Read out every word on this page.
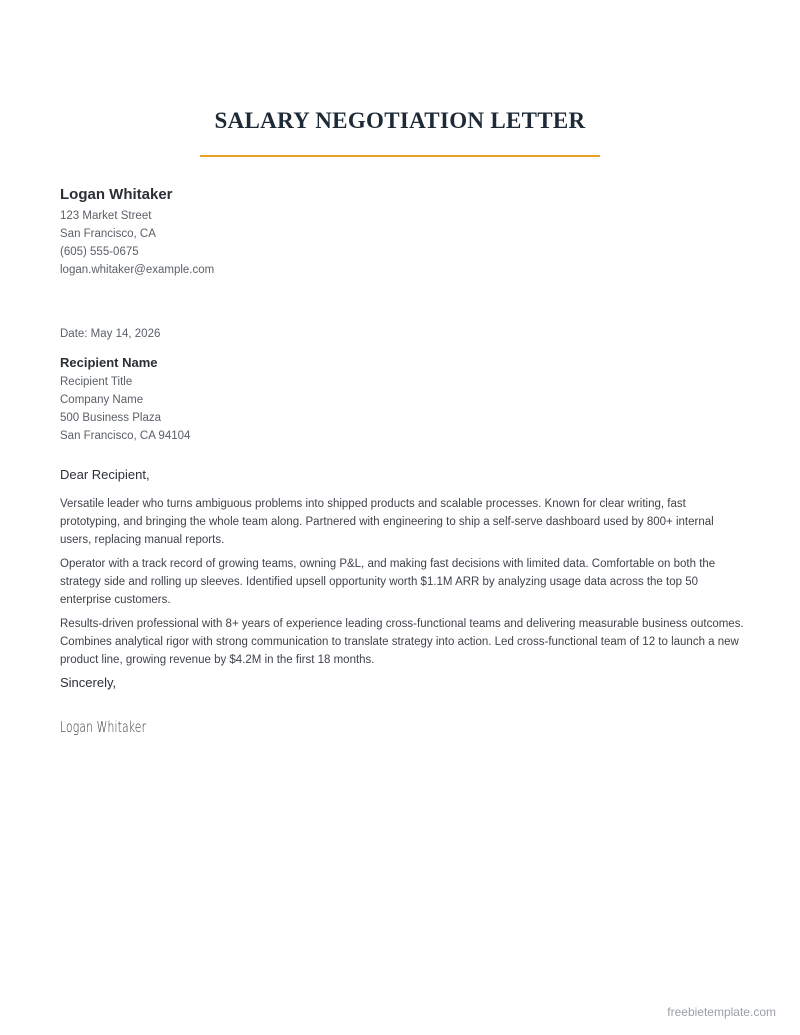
SALARY NEGOTIATION LETTER
Logan Whitaker
123 Market Street
San Francisco, CA
(605) 555-0675
logan.whitaker@example.com
Date: May 14, 2026
Recipient Name
Recipient Title
Company Name
500 Business Plaza
San Francisco, CA 94104
Dear Recipient,

Versatile leader who turns ambiguous problems into shipped products and scalable processes. Known for clear writing, fast prototyping, and bringing the whole team along. Partnered with engineering to ship a self-serve dashboard used by 800+ internal users, replacing manual reports.

Operator with a track record of growing teams, owning P&L, and making fast decisions with limited data. Comfortable on both the strategy side and rolling up sleeves. Identified upsell opportunity worth $1.1M ARR by analyzing usage data across the top 50 enterprise customers.

Results-driven professional with 8+ years of experience leading cross-functional teams and delivering measurable business outcomes. Combines analytical rigor with strong communication to translate strategy into action. Led cross-functional team of 12 to launch a new product line, growing revenue by $4.2M in the first 18 months.

Sincerely,
Logan Whitaker
freebietemplate.com
